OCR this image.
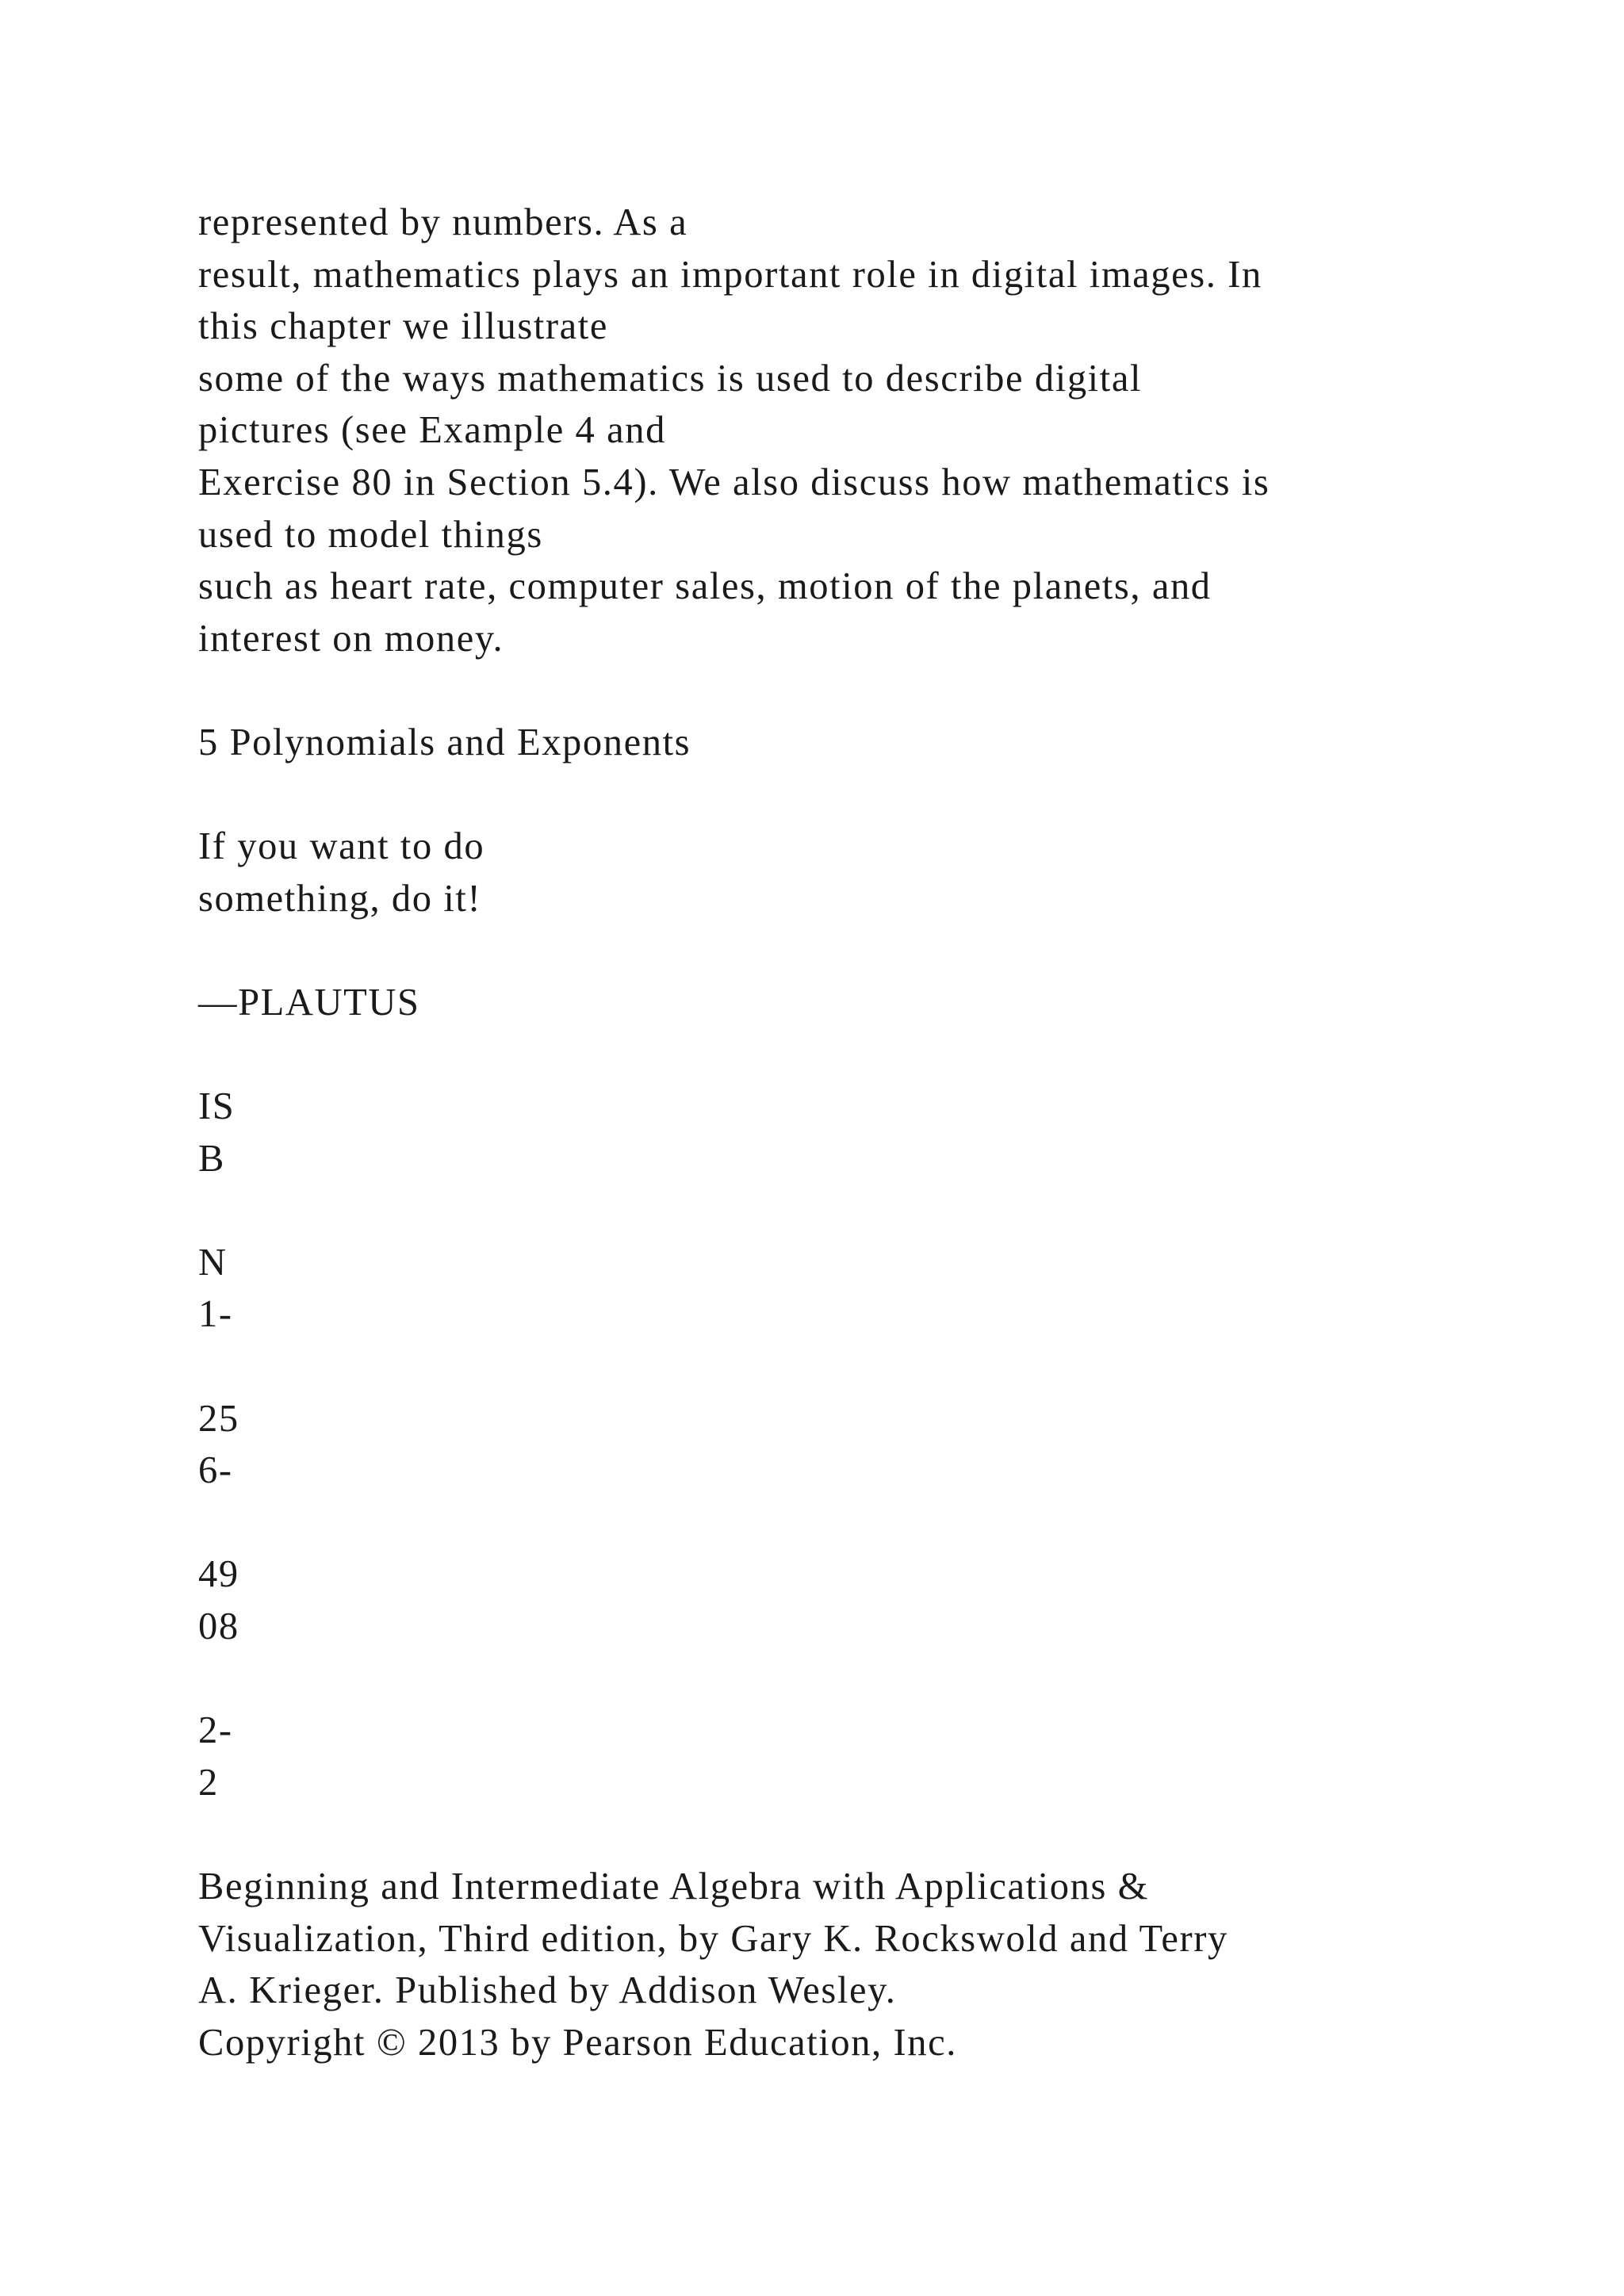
represented by numbers. As a
result, mathematics plays an important role in digital images. In
this chapter we illustrate
some of the ways mathematics is used to describe digital
pictures (see Example 4 and
Exercise 80 in Section 5.4). We also discuss how mathematics is
used to model things
such as heart rate, computer sales, motion of the planets, and
interest on money.
5 Polynomials and Exponents
If you want to do
something, do it!
—PLAUTUS
IS
B
N
1-
25
6-
49
08
2-
2
Beginning and Intermediate Algebra with Applications &
Visualization, Third edition, by Gary K. Rockswold and Terry
A. Krieger. Published by Addison Wesley.
Copyright © 2013 by Pearson Education, Inc.
